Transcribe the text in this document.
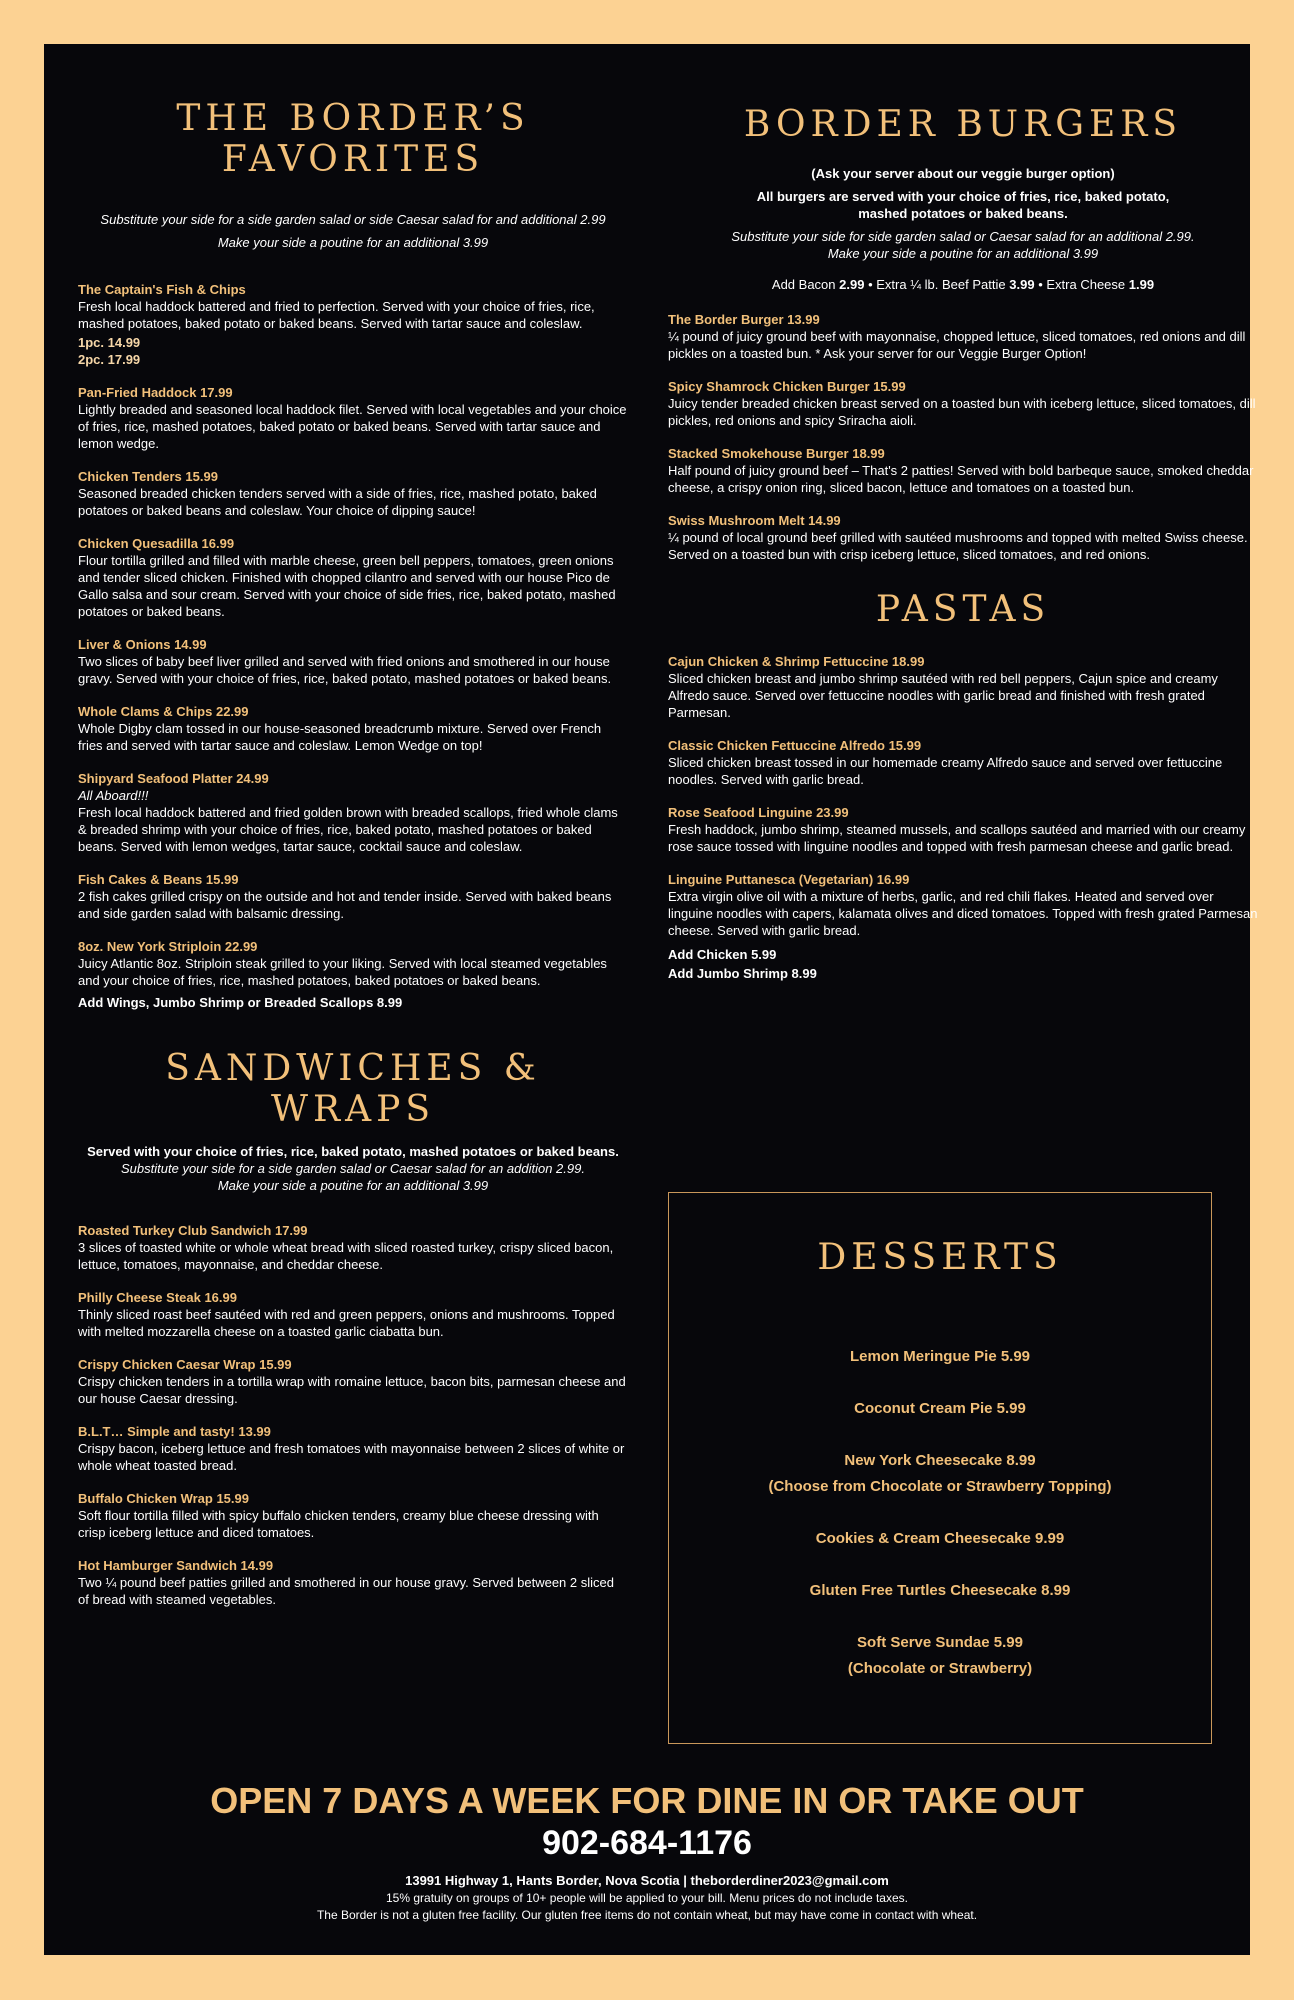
THE BORDER’S FAVORITES

Substitute your side for a side garden salad or side Caesar salad for and additional 2.99

Make your side a poutine for an additional 3.99

The Captain's Fish & Chips
Fresh local haddock battered and fried to perfection. Served with your choice of fries, rice, mashed potatoes, baked potato or baked beans. Served with tartar sauce and coleslaw.
1pc. 14.99
2pc. 17.99
Pan-Fried Haddock 17.99
Lightly breaded and seasoned local haddock filet. Served with local vegetables and your choice of fries, rice, mashed potatoes, baked potato or baked beans. Served with tartar sauce and lemon wedge.
Chicken Tenders 15.99
Seasoned breaded chicken tenders served with a side of fries, rice, mashed potato, baked potatoes or baked beans and coleslaw. Your choice of dipping sauce!
Chicken Quesadilla 16.99
Flour tortilla grilled and filled with marble cheese, green bell peppers, tomatoes, green onions and tender sliced chicken. Finished with chopped cilantro and served with our house Pico de Gallo salsa and sour cream. Served with your choice of side fries, rice, baked potato, mashed potatoes or baked beans.
Liver & Onions 14.99
Two slices of baby beef liver grilled and served with fried onions and smothered in our house gravy. Served with your choice of fries, rice, baked potato, mashed potatoes or baked beans.
Whole Clams & Chips 22.99
Whole Digby clam tossed in our house-seasoned breadcrumb mixture. Served over French fries and served with tartar sauce and coleslaw. Lemon Wedge on top!
Shipyard Seafood Platter 24.99
All Aboard!!!
Fresh local haddock battered and fried golden brown with breaded scallops, fried whole clams & breaded shrimp with your choice of fries, rice, baked potato, mashed potatoes or baked beans. Served with lemon wedges, tartar sauce, cocktail sauce and coleslaw.
Fish Cakes & Beans 15.99
2 fish cakes grilled crispy on the outside and hot and tender inside. Served with baked beans and side garden salad with balsamic dressing.
8oz. New York Striploin 22.99
Juicy Atlantic 8oz. Striploin steak grilled to your liking. Served with local steamed vegetables and your choice of fries, rice, mashed potatoes, baked potatoes or baked beans.
Add Wings, Jumbo Shrimp or Breaded Scallops 8.99
SANDWICHES & WRAPS

Served with your choice of fries, rice, baked potato, mashed potatoes or baked beans.

Substitute your side for a side garden salad or Caesar salad for an addition 2.99.

Make your side a poutine for an additional 3.99

Roasted Turkey Club Sandwich 17.99
3 slices of toasted white or whole wheat bread with sliced roasted turkey, crispy sliced bacon, lettuce, tomatoes, mayonnaise, and cheddar cheese.
Philly Cheese Steak 16.99
Thinly sliced roast beef sautéed with red and green peppers, onions and mushrooms. Topped with melted mozzarella cheese on a toasted garlic ciabatta bun.
Crispy Chicken Caesar Wrap 15.99
Crispy chicken tenders in a tortilla wrap with romaine lettuce, bacon bits, parmesan cheese and our house Caesar dressing.
B.L.T… Simple and tasty! 13.99
Crispy bacon, iceberg lettuce and fresh tomatoes with mayonnaise between 2 slices of white or whole wheat toasted bread.
Buffalo Chicken Wrap 15.99
Soft flour tortilla filled with spicy buffalo chicken tenders, creamy blue cheese dressing with crisp iceberg lettuce and diced tomatoes.
Hot Hamburger Sandwich 14.99
Two ¼ pound beef patties grilled and smothered in our house gravy. Served between 2 sliced of bread with steamed vegetables.
BORDER BURGERS

(Ask your server about our veggie burger option)

All burgers are served with your choice of fries, rice, baked potato, mashed potatoes or baked beans.

Substitute your side for side garden salad or Caesar salad for an additional 2.99.

Make your side a poutine for an additional 3.99

Add Bacon 2.99 • Extra ¼ lb. Beef Pattie 3.99 • Extra Cheese 1.99

The Border Burger 13.99
¼ pound of juicy ground beef with mayonnaise, chopped lettuce, sliced tomatoes, red onions and dill pickles on a toasted bun. * Ask your server for our Veggie Burger Option!
Spicy Shamrock Chicken Burger 15.99
Juicy tender breaded chicken breast served on a toasted bun with iceberg lettuce, sliced tomatoes, dill pickles, red onions and spicy Sriracha aioli.
Stacked Smokehouse Burger 18.99
Half pound of juicy ground beef – That's 2 patties! Served with bold barbeque sauce, smoked cheddar cheese, a crispy onion ring, sliced bacon, lettuce and tomatoes on a toasted bun.
Swiss Mushroom Melt 14.99
¼ pound of local ground beef grilled with sautéed mushrooms and topped with melted Swiss cheese. Served on a toasted bun with crisp iceberg lettuce, sliced tomatoes, and red onions.
PASTAS
Cajun Chicken & Shrimp Fettuccine 18.99
Sliced chicken breast and jumbo shrimp sautéed with red bell peppers, Cajun spice and creamy Alfredo sauce. Served over fettuccine noodles with garlic bread and finished with fresh grated Parmesan.
Classic Chicken Fettuccine Alfredo 15.99
Sliced chicken breast tossed in our homemade creamy Alfredo sauce and served over fettuccine noodles. Served with garlic bread.
Rose Seafood Linguine 23.99
Fresh haddock, jumbo shrimp, steamed mussels, and scallops sautéed and married with our creamy rose sauce tossed with linguine noodles and topped with fresh parmesan cheese and garlic bread.
Linguine Puttanesca (Vegetarian) 16.99
Extra virgin olive oil with a mixture of herbs, garlic, and red chili flakes. Heated and served over linguine noodles with capers, kalamata olives and diced tomatoes. Topped with fresh grated Parmesan cheese. Served with garlic bread.
Add Chicken 5.99
Add Jumbo Shrimp 8.99
DESSERTS
Lemon Meringue Pie 5.99
Coconut Cream Pie 5.99
New York Cheesecake 8.99
(Choose from Chocolate or Strawberry Topping)
Cookies & Cream Cheesecake 9.99
Gluten Free Turtles Cheesecake 8.99
Soft Serve Sundae 5.99
(Chocolate or Strawberry)
OPEN 7 DAYS A WEEK FOR DINE IN OR TAKE OUT
902-684-1176
13991 Highway 1, Hants Border, Nova Scotia | theborderdiner2023@gmail.com
15% gratuity on groups of 10+ people will be applied to your bill. Menu prices do not include taxes.
The Border is not a gluten free facility. Our gluten free items do not contain wheat, but may have come in contact with wheat.
